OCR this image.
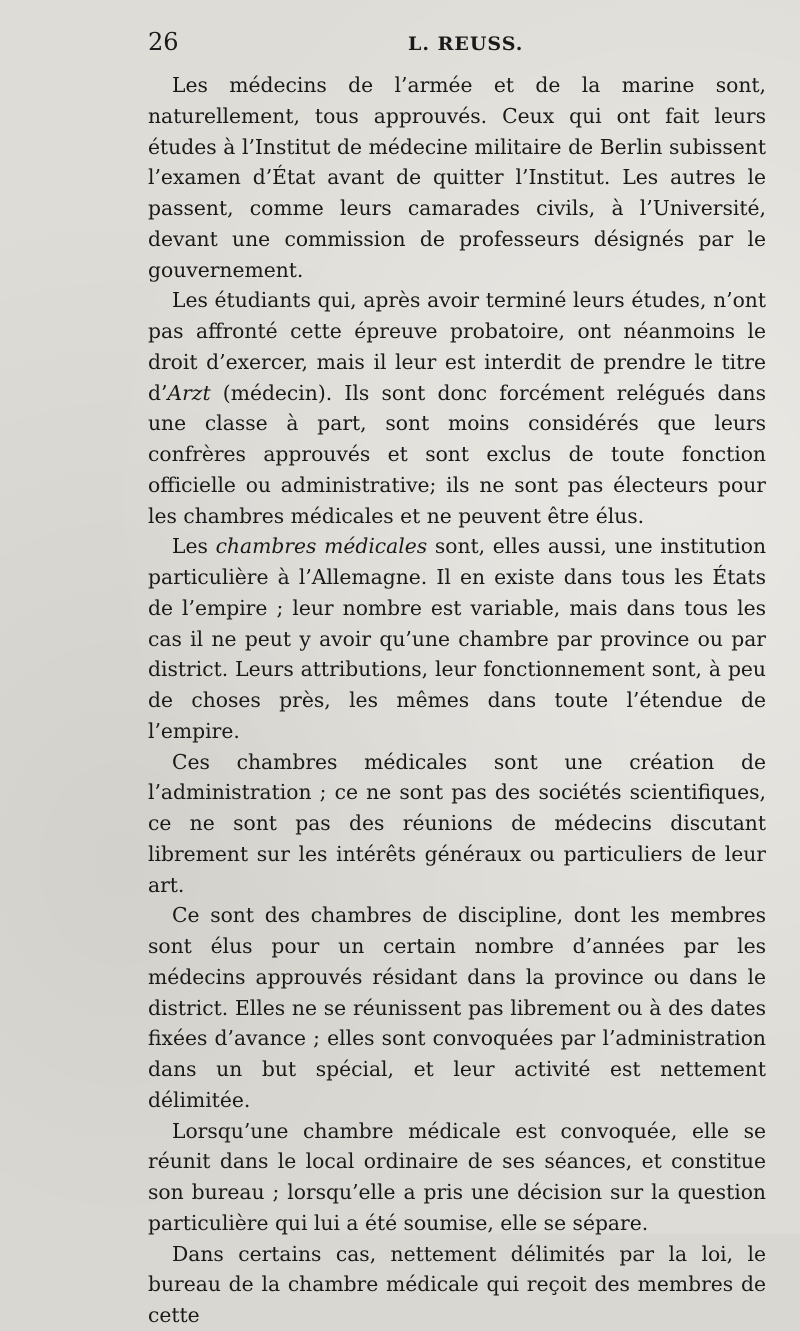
26	L. REUSS.

Les médecins de l’armée et de la marine sont, naturellement, tous approuvés. Ceux qui ont fait leurs études à l’Institut de médecine militaire de Berlin subissent l’examen d’État avant de quitter l’Institut. Les autres le passent, comme leurs camarades civils, à l’Université, devant une commission de professeurs désignés par le gouvernement.

Les étudiants qui, après avoir terminé leurs études, n’ont pas affronté cette épreuve probatoire, ont néanmoins le droit d’exercer, mais il leur est interdit de prendre le titre d’Arzt (médecin). Ils sont donc forcément relégués dans une classe à part, sont moins considérés que leurs confrères approuvés et sont exclus de toute fonction officielle ou administrative; ils ne sont pas électeurs pour les chambres médicales et ne peuvent être élus.

Les chambres médicales sont, elles aussi, une institution particulière à l’Allemagne. Il en existe dans tous les États de l’empire ; leur nombre est variable, mais dans tous les cas il ne peut y avoir qu’une chambre par province ou par district. Leurs attributions, leur fonctionnement sont, à peu de choses près, les mêmes dans toute l’étendue de l’empire.

Ces chambres médicales sont une création de l’administration ; ce ne sont pas des sociétés scientifiques, ce ne sont pas des réunions de médecins discutant librement sur les intérêts généraux ou particuliers de leur art.

Ce sont des chambres de discipline, dont les membres sont élus pour un certain nombre d’années par les médecins approuvés résidant dans la province ou dans le district. Elles ne se réunissent pas librement ou à des dates fixées d’avance ; elles sont convoquées par l’administration dans un but spécial, et leur activité est nettement délimitée.

Lorsqu’une chambre médicale est convoquée, elle se réunit dans le local ordinaire de ses séances, et constitue son bureau ; lorsqu’elle a pris une décision sur la question particulière qui lui a été soumise, elle se sépare.

Dans certains cas, nettement délimités par la loi, le bureau de la chambre médicale qui reçoit des membres de cette
